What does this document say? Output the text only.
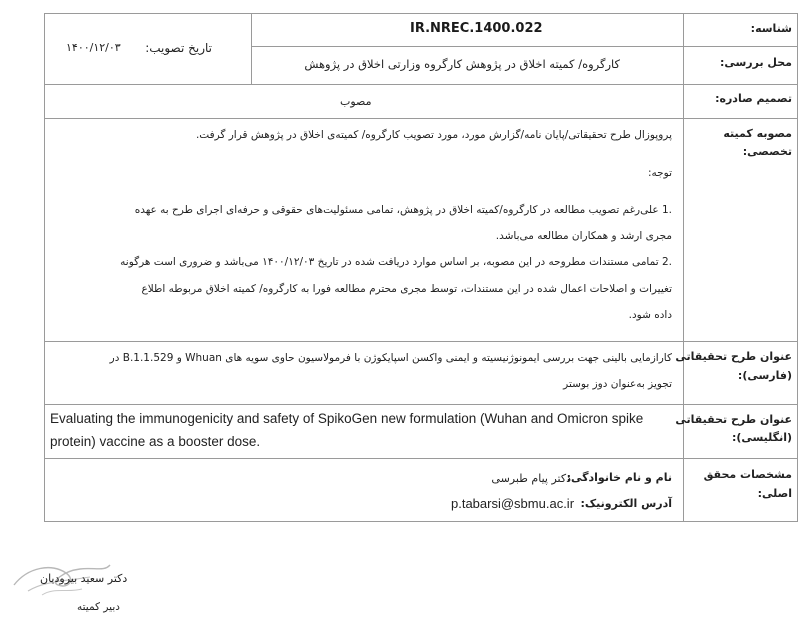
شناسه:
محل بررسی:
تصمیم صادره:
مصوبه کمیته
تخصصی:
عنوان طرح تحقیقاتی
(فارسی):
عنوان طرح تحقیقاتی
(انگلیسی):
مشخصات محقق
اصلی:
IR.NREC.1400.022
کارگروه/ کمیته اخلاق در پژوهش کارگروه وزارتی اخلاق در پژوهش
تاریخ تصویب:
۱۴۰۰/۱۲/۰۳
مصوب
پروپوزال طرح تحقیقاتی/پایان نامه/گزارش مورد، مورد تصویب کارگروه/ کمیته‌ی اخلاق در پژوهش قرار گرفت.
توجه:
.1 علی‌رغم تصویب مطالعه در کارگروه/کمیته اخلاق در پژوهش، تمامی مسئولیت‌های حقوقی و حرفه‌ای اجرای طرح به عهده
مجری ارشد و همکاران مطالعه می‌باشد.
.2 تمامی مستندات مطروحه در این مصوبه، بر اساس موارد دریافت شده در تاریخ ۱۴۰۰/۱۲/۰۳ می‌باشد و ضروری است هرگونه
تغییرات و اصلاحات اعمال شده در این مستندات، توسط مجری محترم مطالعه فورا به کارگروه/ کمیته اخلاق مربوطه اطلاع
داده شود.
کارازمایی بالینی جهت بررسی ایمونوژنیسیته و ایمنی واکسن اسپایکوژن با فرمولاسیون حاوی سویه های Whuan و B.1.1.529 در
تجویز به‌عنوان دوز بوستر
Evaluating the immunogenicity and safety of SpikoGen new formulation (Wuhan and Omicron spike
protein) vaccine as a booster dose.
نام و نام خانوادگی:
دکتر پیام طبرسی
آدرس الکترونیک:
p.tabarsi@sbmu.ac.ir
دکتر سعید بیرودیان
دبیر کمیته
